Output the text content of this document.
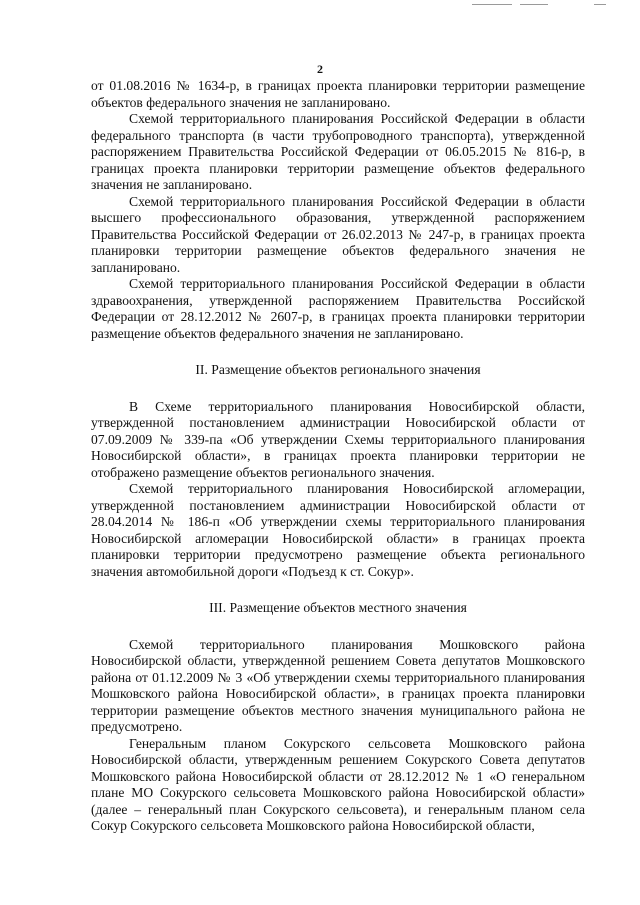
2

от 01.08.2016 № 1634-р, в границах проекта планировки территории размещение объектов федерального значения не запланировано.

Схемой территориального планирования Российской Федерации в области федерального транспорта (в части трубопроводного транспорта), утвержденной распоряжением Правительства Российской Федерации от 06.05.2015 № 816-р, в границах проекта планировки территории размещение объектов федерального значения не запланировано.

Схемой территориального планирования Российской Федерации в области высшего профессионального образования, утвержденной распоряжением Правительства Российской Федерации от 26.02.2013 № 247-р, в границах проекта планировки территории размещение объектов федерального значения не запланировано.

Схемой территориального планирования Российской Федерации в области здравоохранения, утвержденной распоряжением Правительства Российской Федерации от 28.12.2012 № 2607-р, в границах проекта планировки территории размещение объектов федерального значения не запланировано.

II. Размещение объектов регионального значения

В Схеме территориального планирования Новосибирской области, утвержденной постановлением администрации Новосибирской области от 07.09.2009 № 339-па «Об утверждении Схемы территориального планирования Новосибирской области», в границах проекта планировки территории не отображено размещение объектов регионального значения.

Схемой территориального планирования Новосибирской агломерации, утвержденной постановлением администрации Новосибирской области от 28.04.2014 № 186-п «Об утверждении схемы территориального планирования Новосибирской агломерации Новосибирской области» в границах проекта планировки территории предусмотрено размещение объекта регионального значения автомобильной дороги «Подъезд к ст. Сокур».

III. Размещение объектов местного значения

Схемой территориального планирования Мошковского района Новосибирской области, утвержденной решением Совета депутатов Мошковского района от 01.12.2009 № 3 «Об утверждении схемы территориального планирования Мошковского района Новосибирской области», в границах проекта планировки территории размещение объектов местного значения муниципального района не предусмотрено.

Генеральным планом Сокурского сельсовета Мошковского района Новосибирской области, утвержденным решением Сокурского Совета депутатов Мошковского района Новосибирской области от 28.12.2012 № 1 «О генеральном плане МО Сокурского сельсовета Мошковского района Новосибирской области» (далее – генеральный план Сокурского сельсовета), и генеральным планом села Сокур Сокурского сельсовета Мошковского района Новосибирской области,
